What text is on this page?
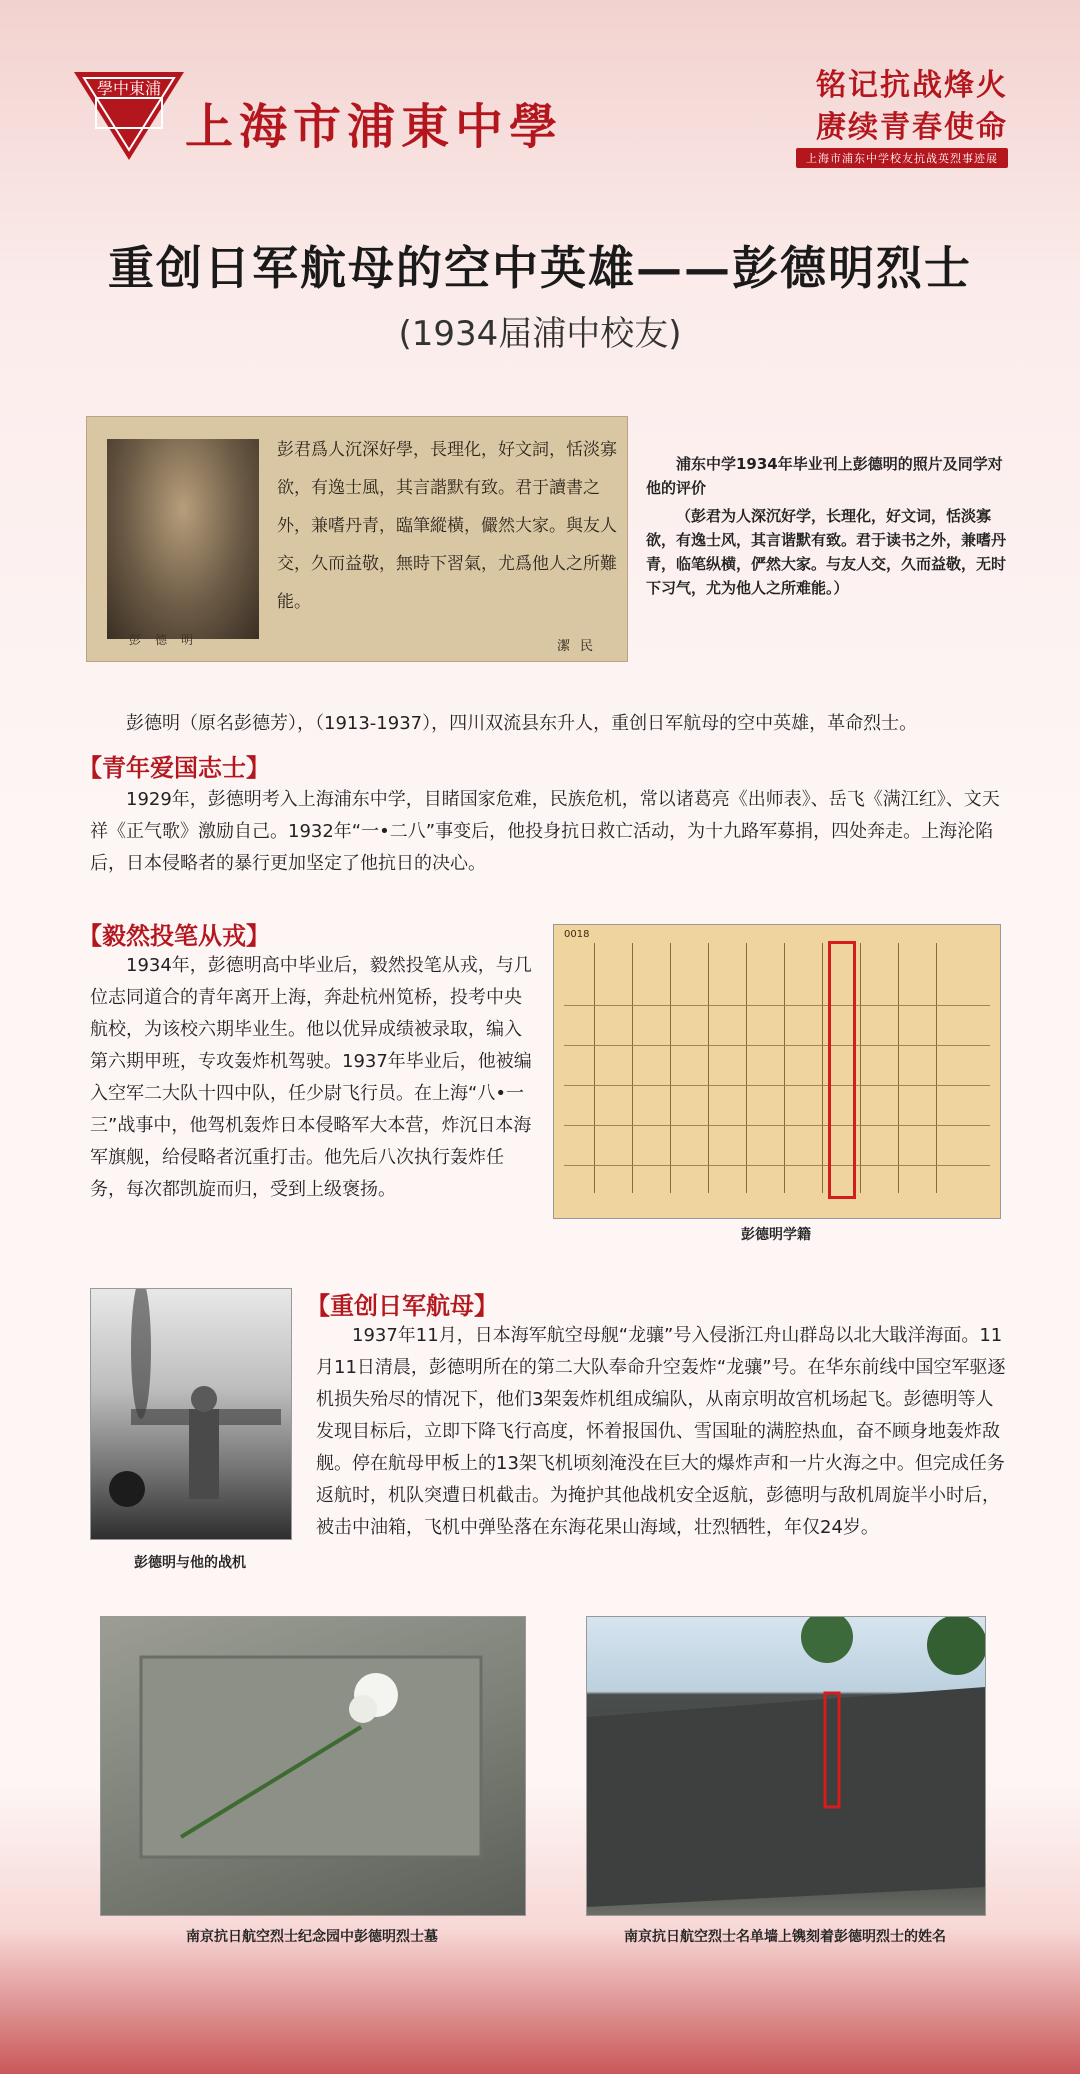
學中東浦
上海市浦東中學
铭记抗战烽火
赓续青春使命
上海市浦东中学校友抗战英烈事迹展
重创日军航母的空中英雄——彭德明烈士
(1934届浦中校友)
彭德明
彭君爲人沉深好學，長理化，好文詞，恬淡寡欲，有逸士風，其言諧默有致。君于讀書之外，兼嗜丹青，臨筆縱橫，儼然大家。與友人交，久而益敬，無時下習氣，尤爲他人之所難能。
潔民
浦东中学1934年毕业刊上彭德明的照片及同学对他的评价
（彭君为人深沉好学，长理化，好文词，恬淡寡欲，有逸士风，其言谐默有致。君于读书之外，兼嗜丹青，临笔纵横，俨然大家。与友人交，久而益敬，无时下习气，尤为他人之所难能。）
彭德明（原名彭德芳），（1913-1937），四川双流县东升人，重创日军航母的空中英雄，革命烈士。
【青年爱国志士】
1929年，彭德明考入上海浦东中学，目睹国家危难，民族危机，常以诸葛亮《出师表》、岳飞《满江红》、文天祥《正气歌》激励自己。1932年“一•二八”事变后，他投身抗日救亡活动，为十九路军募捐，四处奔走。上海沦陷后，日本侵略者的暴行更加坚定了他抗日的决心。
【毅然投笔从戎】
1934年，彭德明高中毕业后，毅然投笔从戎，与几位志同道合的青年离开上海，奔赴杭州笕桥，投考中央航校，为该校六期毕业生。他以优异成绩被录取，编入第六期甲班，专攻轰炸机驾驶。1937年毕业后，他被编入空军二大队十四中队，任少尉飞行员。在上海“八•一三”战事中，他驾机轰炸日本侵略军大本营，炸沉日本海军旗舰，给侵略者沉重打击。他先后八次执行轰炸任务，每次都凯旋而归，受到上级褒扬。
0018
彭德明学籍
彭德明与他的战机
【重创日军航母】
1937年11月，日本海军航空母舰“龙骧”号入侵浙江舟山群岛以北大戢洋海面。11月11日清晨，彭德明所在的第二大队奉命升空轰炸“龙骧”号。在华东前线中国空军驱逐机损失殆尽的情况下，他们3架轰炸机组成编队，从南京明故宫机场起飞。彭德明等人发现目标后，立即下降飞行高度，怀着报国仇、雪国耻的满腔热血，奋不顾身地轰炸敌舰。停在航母甲板上的13架飞机顷刻淹没在巨大的爆炸声和一片火海之中。但完成任务返航时，机队突遭日机截击。为掩护其他战机安全返航，彭德明与敌机周旋半小时后，被击中油箱，飞机中弹坠落在东海花果山海域，壮烈牺牲，年仅24岁。
南京抗日航空烈士纪念园中彭德明烈士墓	南京抗日航空烈士名单墙上镌刻着彭德明烈士的姓名
